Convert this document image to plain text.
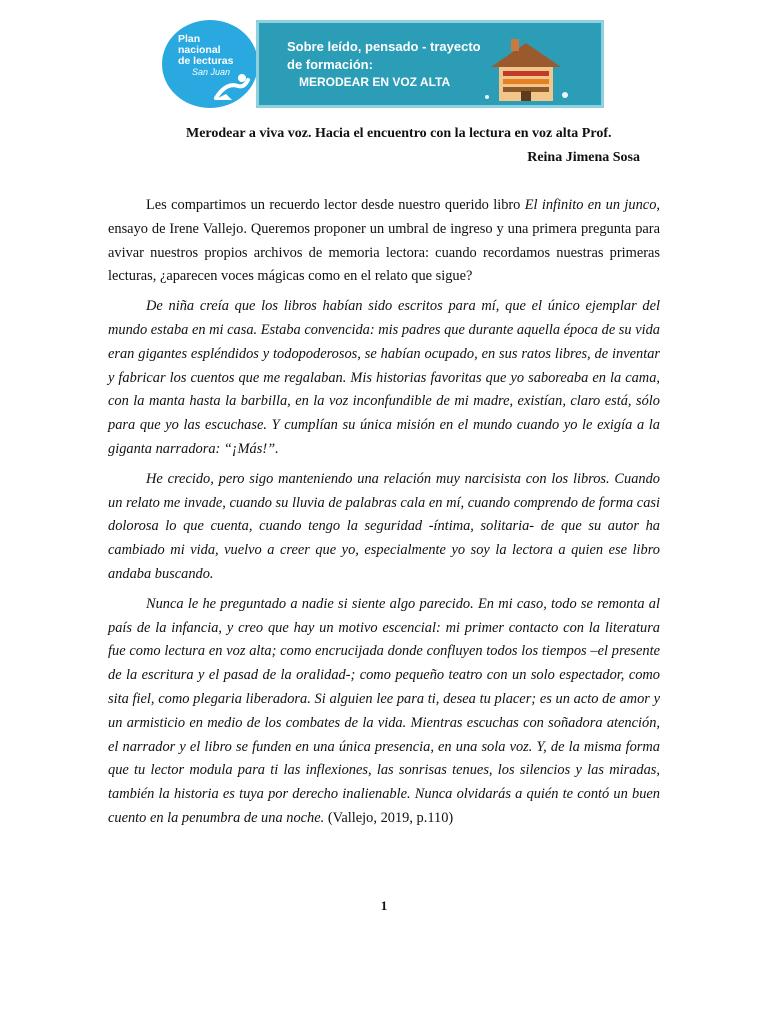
Plan
nacional
de lecturas
San Juan
Sobre leído, pensado - trayecto
de formación:
MERODEAR EN VOZ ALTA
Merodear a viva voz. Hacia el encuentro con la lectura en voz alta Prof.
Reina Jimena Sosa

Les compartimos un recuerdo lector desde nuestro querido libro El infinito en un junco, ensayo de Irene Vallejo. Queremos proponer un umbral de ingreso y una primera pregunta para avivar nuestros propios archivos de memoria lectora: cuando recordamos nuestras primeras lecturas, ¿aparecen voces mágicas como en el relato que sigue?

De niña creía que los libros habían sido escritos para mí, que el único ejemplar del mundo estaba en mi casa. Estaba convencida: mis padres que durante aquella época de su vida eran gigantes espléndidos y todopoderosos, se habían ocupado, en sus ratos libres, de inventar y fabricar los cuentos que me regalaban. Mis historias favoritas que yo saboreaba en la cama, con la manta hasta la barbilla, en la voz inconfundible de mi madre, existían, claro está, sólo para que yo las escuchase. Y cumplían su única misión en el mundo cuando yo le exigía a la giganta narradora: “¡Más!”.

He crecido, pero sigo manteniendo una relación muy narcisista con los libros. Cuando un relato me invade, cuando su lluvia de palabras cala en mí, cuando comprendo de forma casi dolorosa lo que cuenta, cuando tengo la seguridad -íntima, solitaria- de que su autor ha cambiado mi vida, vuelvo a creer que yo, especialmente yo soy la lectora a quien ese libro andaba buscando.

Nunca le he preguntado a nadie si siente algo parecido. En mi caso, todo se remonta al país de la infancia, y creo que hay un motivo escencial: mi primer contacto con la literatura fue como lectura en voz alta; como encrucijada donde confluyen todos los tiempos –el presente de la escritura y el pasad de la oralidad-; como pequeño teatro con un solo espectador, como sita fiel, como plegaria liberadora. Si alguien lee para ti, desea tu placer; es un acto de amor y un armisticio en medio de los combates de la vida. Mientras escuchas con soñadora atención, el narrador y el libro se funden en una única presencia, en una sola voz. Y, de la misma forma que tu lector modula para ti las inflexiones, las sonrisas tenues, los silencios y las miradas, también la historia es tuya por derecho inalienable. Nunca olvidarás a quién te contó un buen cuento en la penumbra de una noche. (Vallejo, 2019, p.110)

1
